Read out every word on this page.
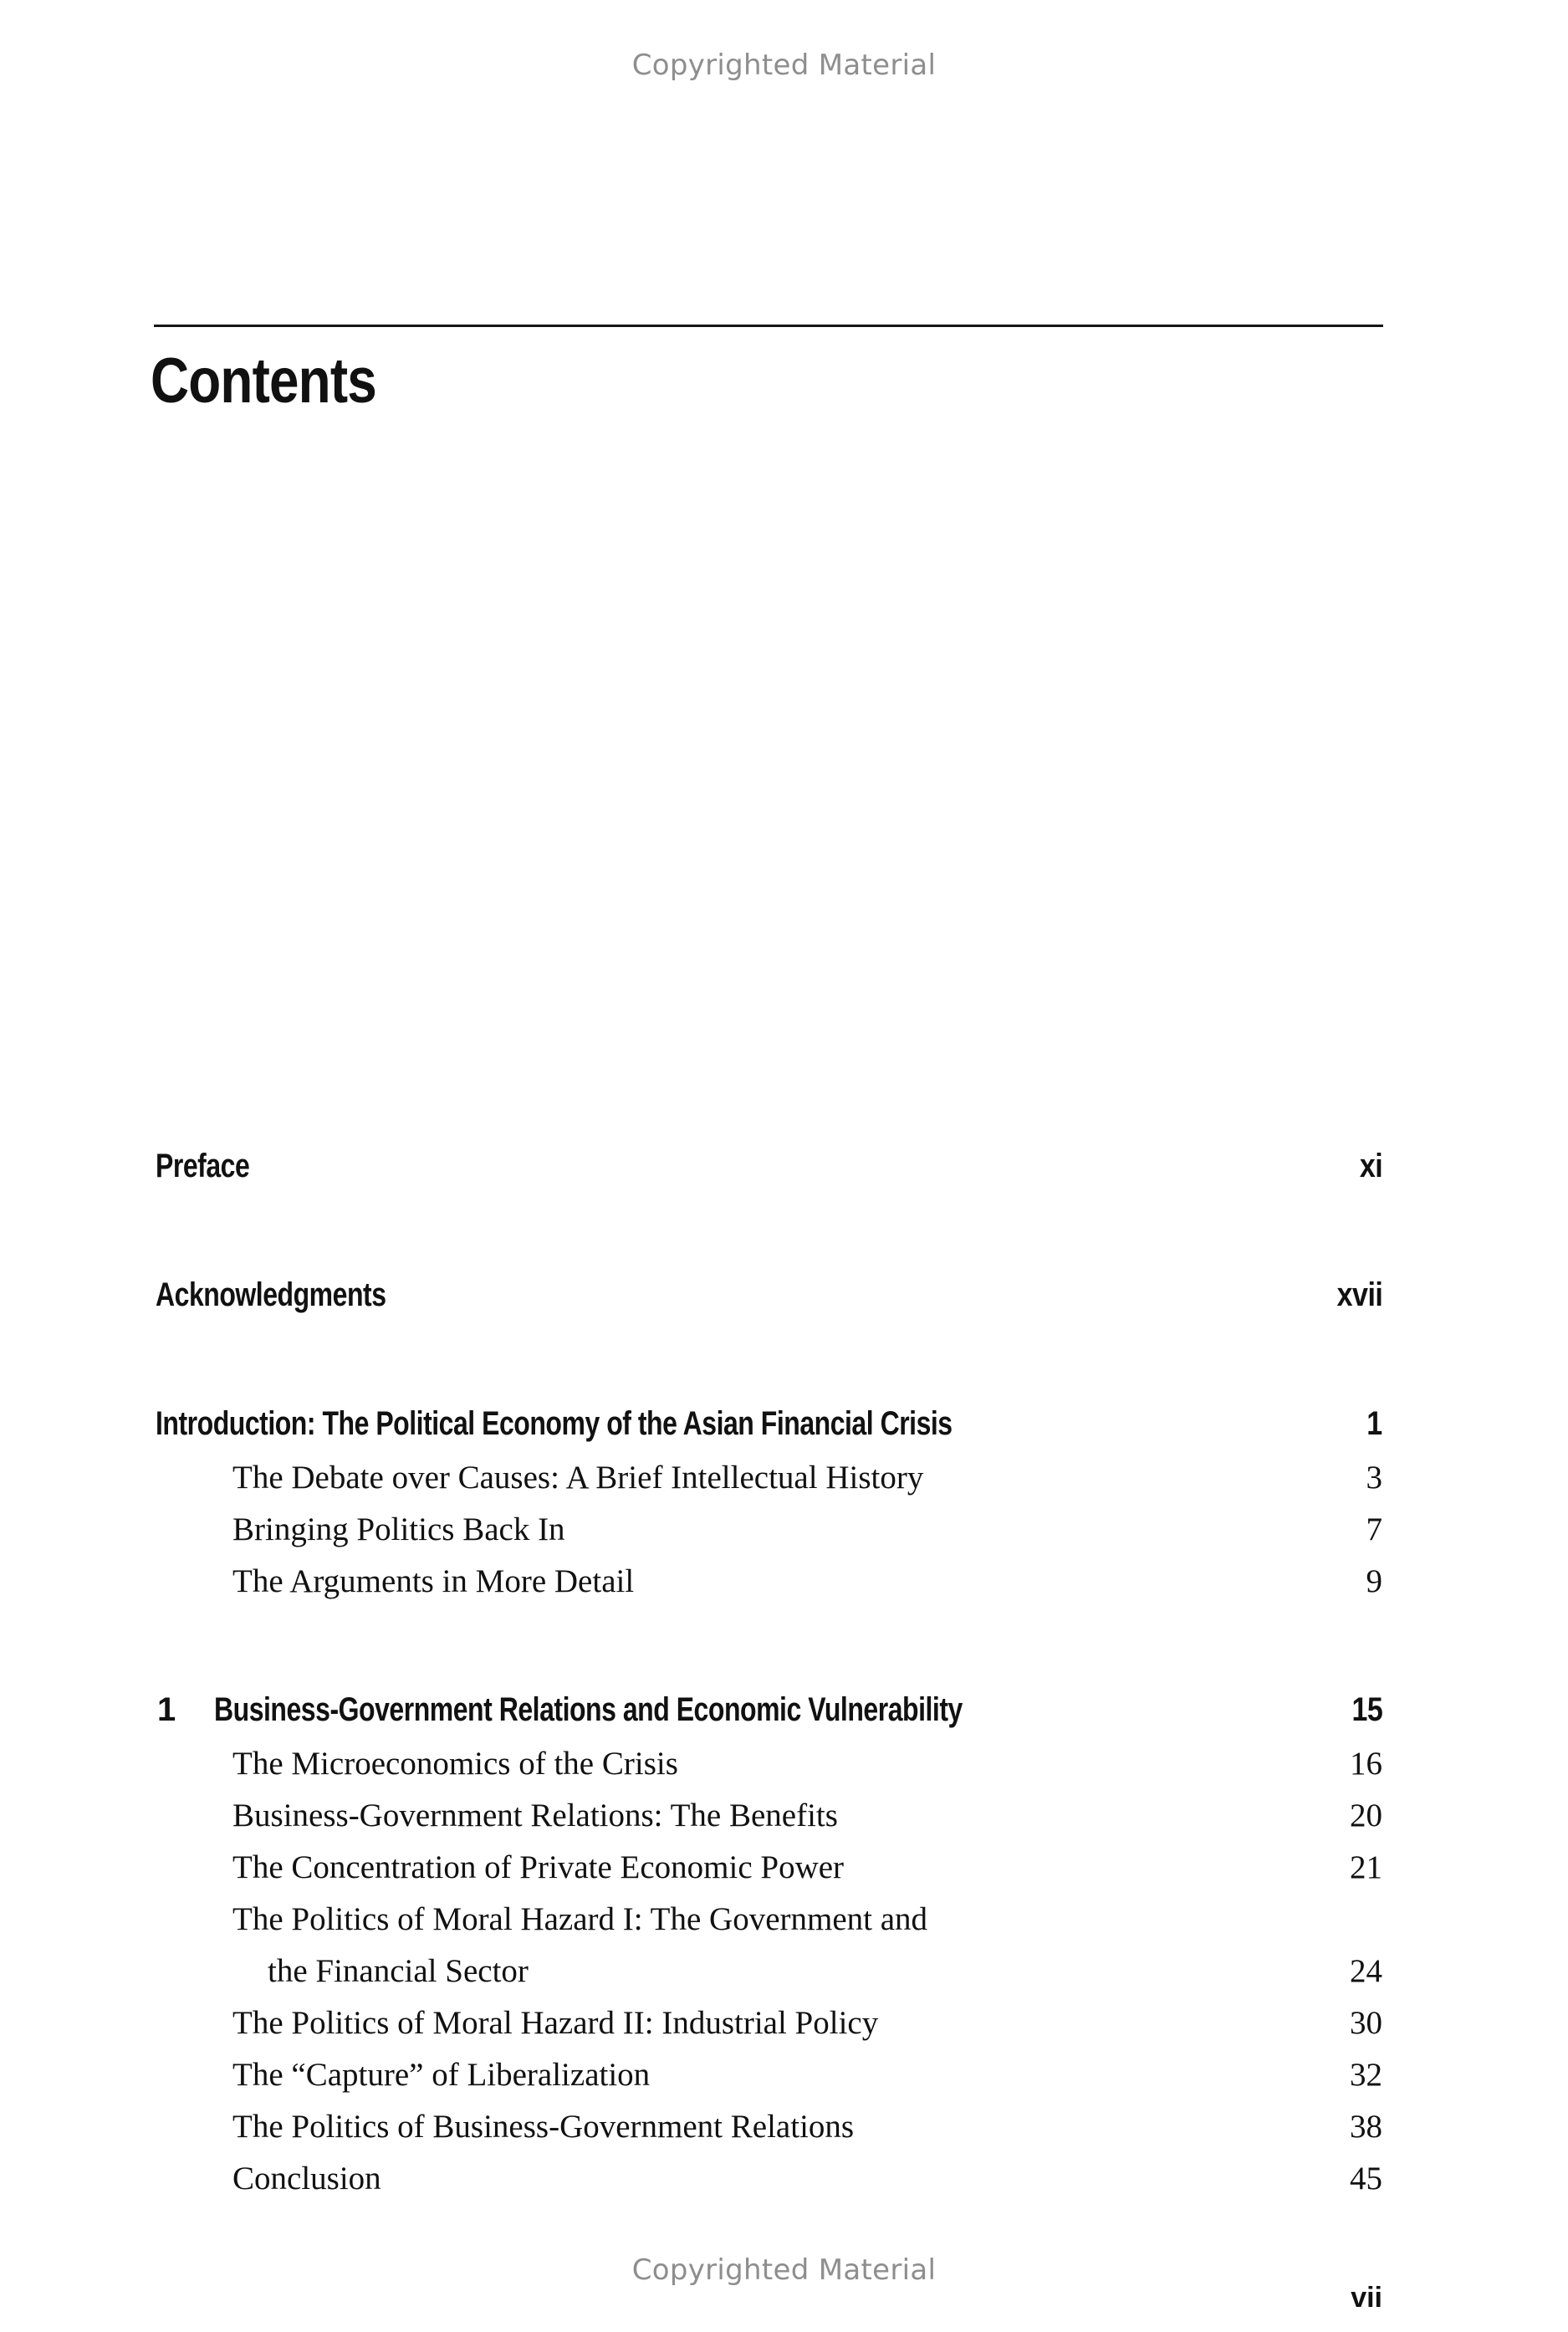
Copyrighted Material
Contents
Preface	xi
Acknowledgments	xvii
Introduction: The Political Economy of the Asian Financial Crisis	1
The Debate over Causes: A Brief Intellectual History	3
Bringing Politics Back In	7
The Arguments in More Detail	9
1 Business-Government Relations and Economic Vulnerability	15
The Microeconomics of the Crisis	16
Business-Government Relations: The Benefits	20
The Concentration of Private Economic Power	21
The Politics of Moral Hazard I: The Government and
the Financial Sector	24
The Politics of Moral Hazard II: Industrial Policy	30
The “Capture” of Liberalization	32
The Politics of Business-Government Relations	38
Conclusion	45
Copyrighted Material
vii
